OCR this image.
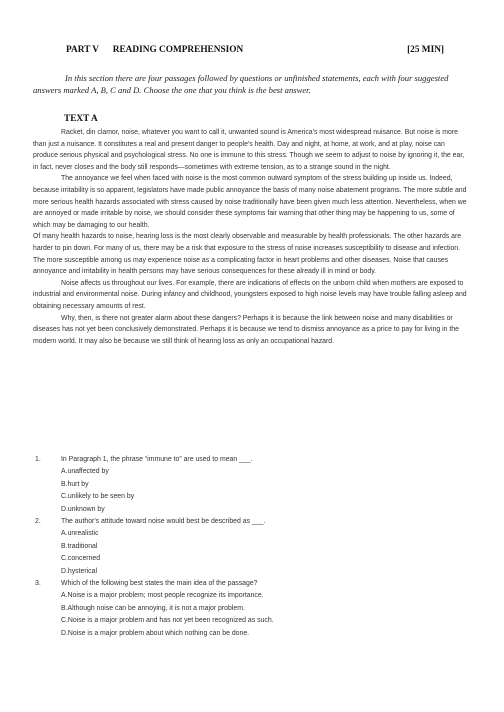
PART V      READING COMPREHENSION	[25 MIN]

In this section there are four passages followed by questions or unfinished statements, each with four suggested answers marked A, B, C and D. Choose the one that you think is the best answer.

TEXT A

Racket, din clamor, noise, whatever you want to call it, unwanted sound is America's most widespread nuisance. But noise is more than just a nuisance. It constitutes a real and present danger to people's health. Day and night, at home, at work, and at play, noise can produce serious physical and psychological stress. No one is immune to this stress. Though we seem to adjust to noise by ignoring it, the ear, in fact, never closes and the body still responds—sometimes with extreme tension, as to a strange sound in the night.

The annoyance we feel when faced with noise is the most common outward symptom of the stress building up inside us. Indeed, because irritability is so apparent, legislators have made public annoyance the basis of many noise abatement programs. The more subtle and more serious health hazards associated with stress caused by noise traditionally have been given much less attention. Nevertheless, when we are annoyed or made irritable by noise, we should consider these symptoms fair warning that other thing may be happening to us, some of which may be damaging to our health.

Of many health hazards to noise, hearing loss is the most clearly observable and measurable by health professionals. The other hazards are harder to pin down. For many of us, there may be a risk that exposure to the stress of noise increases susceptibility to disease and infection. The more susceptible among us may experience noise as a complicating factor in heart problems and other diseases. Noise that causes annoyance and irritability in health persons may have serious consequences for these already ill in mind or body.

Noise affects us throughout our lives. For example, there are indications of effects on the unborn child when mothers are exposed to industrial and environmental noise. During infancy and childhood, youngsters exposed to high noise levels may have trouble falling asleep and obtaining necessary amounts of rest.

Why, then, is there not greater alarm about these dangers? Perhaps it is because the link between noise and many disabilities or diseases has not yet been conclusively demonstrated. Perhaps it is because we tend to dismiss annoyance as a price to pay for living in the modern world. It may also be because we still think of hearing loss as only an occupational hazard.

1.	In Paragraph 1, the phrase “immune to” are used to mean ___.
A.unaffected by
B.hurt by
C.unlikely to be seen by
D.unknown by
2.	The author's attitude toward noise would best be described as ___.
A.unrealistic
B.traditional
C.concerned
D.hysterical
3.	Which of the following best states the main idea of the passage?
A.Noise is a major problem; most people recognize its importance.
B.Although noise can be annoying, it is not a major problem.
C.Noise is a major problem and has not yet been recognized as such.
D.Noise is a major problem about which nothing can be done.
